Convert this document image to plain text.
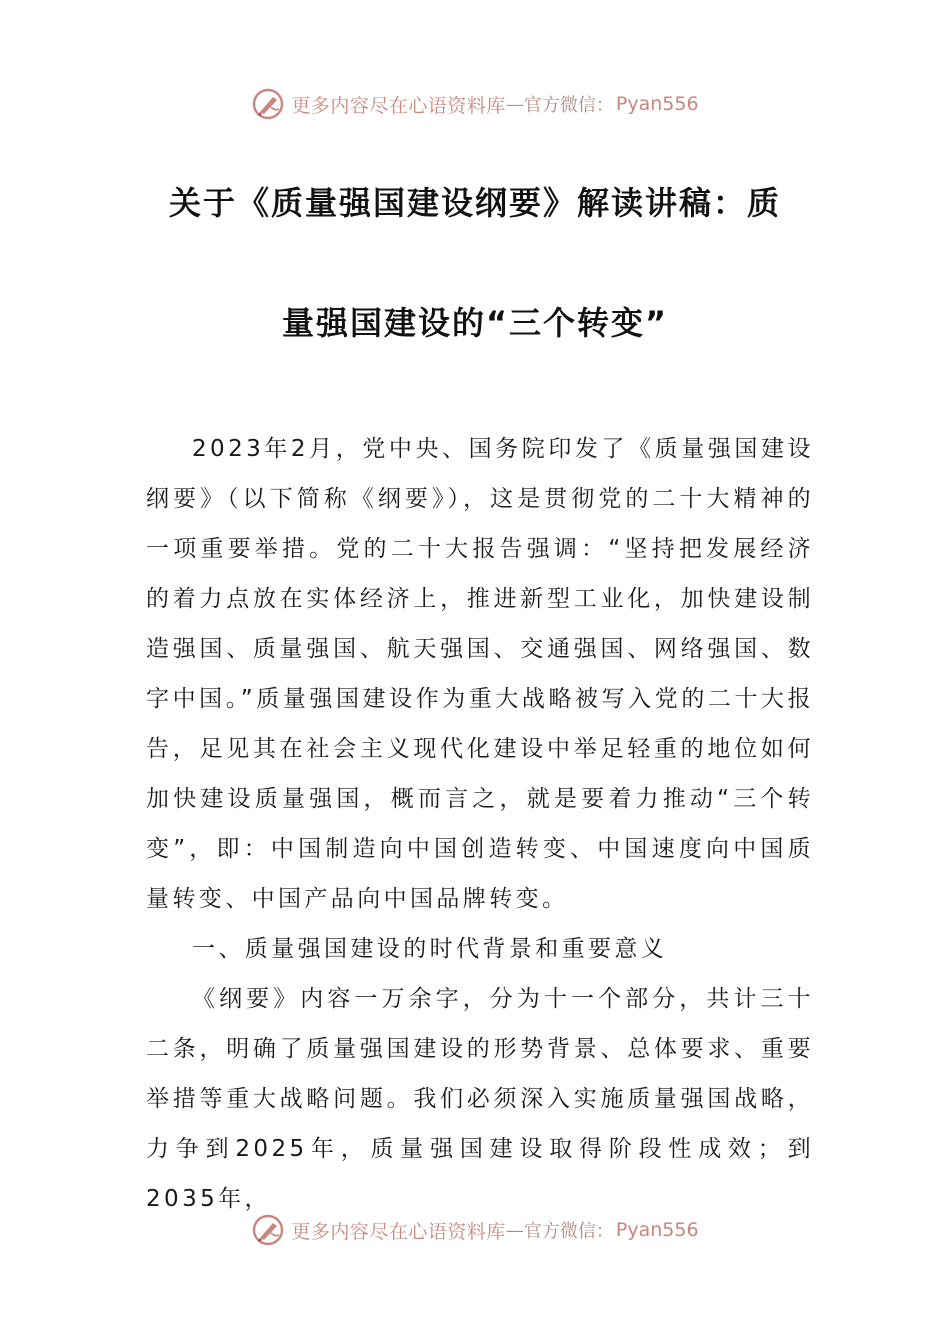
更多内容尽在心语资料库 — 官方微信： Pyan556
关于《质量强国建设纲要》解读讲稿：质
量强国建设的“三个转变”

2023年2月，党中央、国务院印发了《质量强国建设纲要》（以下简称《纲要》），这是贯彻党的二十大精神的一项重要举措。党的二十大报告强调：“坚持把发展经济的着力点放在实体经济上，推进新型工业化，加快建设制造强国、质量强国、航天强国、交通强国、网络强国、数字中国。”质量强国建设作为重大战略被写入党的二十大报告，足见其在社会主义现代化建设中举足轻重的地位如何加快建设质量强国，概而言之，就是要着力推动“三个转变”，即：中国制造向中国创造转变、中国速度向中国质量转变、中国产品向中国品牌转变。

一、质量强国建设的时代背景和重要意义

《纲要》内容一万余字，分为十一个部分，共计三十二条，明确了质量强国建设的形势背景、总体要求、重要举措等重大战略问题。我们必须深入实施质量强国战略，力争到2025年，质量强国建设取得阶段性成效；到2035年，

更多内容尽在心语资料库 — 官方微信： Pyan556
